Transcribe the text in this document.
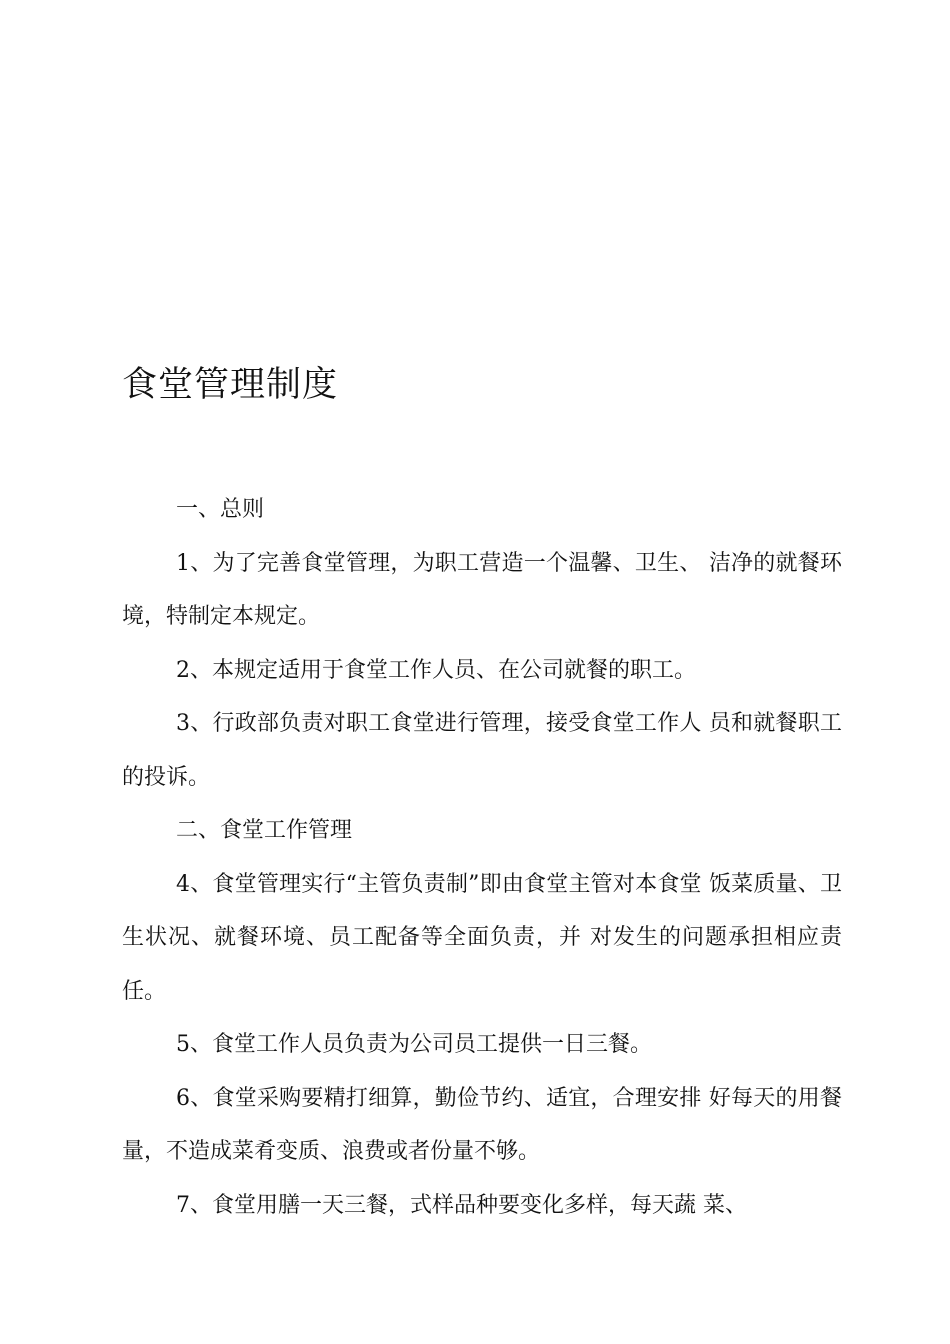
食堂管理制度

一、总则

1、为了完善食堂管理，为职工营造一个温馨、卫生、 洁净的就餐环境，特制定本规定。

2、本规定适用于食堂工作人员、在公司就餐的职工。

3、行政部负责对职工食堂进行管理，接受食堂工作人 员和就餐职工的投诉。

二、食堂工作管理

4、食堂管理实行“主管负责制”即由食堂主管对本食堂 饭菜质量、卫生状况、就餐环境、员工配备等全面负责，并 对发生的问题承担相应责任。

5、食堂工作人员负责为公司员工提供一日三餐。

6、食堂采购要精打细算，勤俭节约、适宜，合理安排 好每天的用餐量，不造成菜肴变质、浪费或者份量不够。

7、食堂用膳一天三餐，式样品种要变化多样，每天蔬 菜、
